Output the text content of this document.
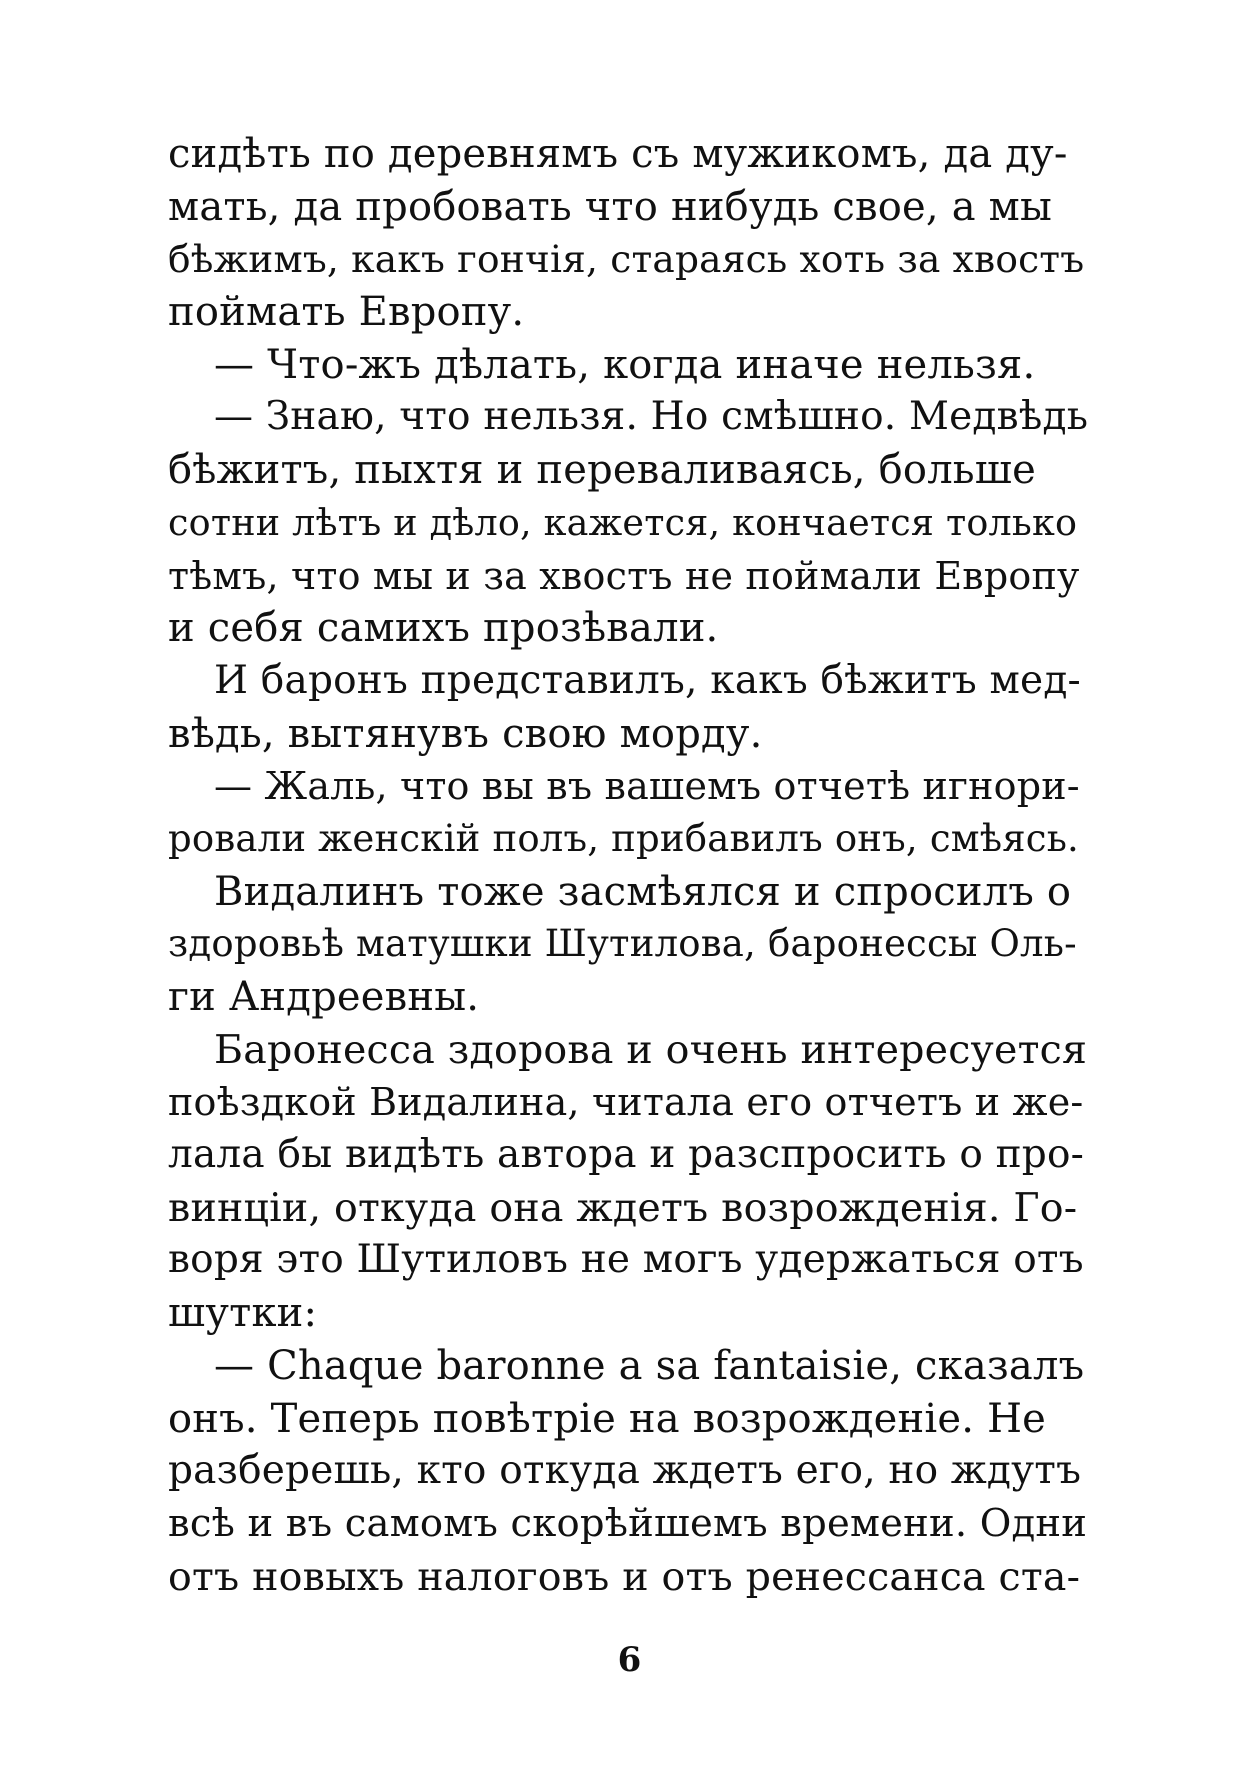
сидѣть по деревнямъ съ мужикомъ, да ду-
мать, да пробовать что нибудь свое, а мы
бѣжимъ, какъ гончія, стараясь хоть за хвостъ
поймать Европу.
— Что-жъ дѣлать, когда иначе нельзя.
— Знаю, что нельзя. Но смѣшно. Медвѣдь
бѣжитъ, пыхтя и переваливаясь, больше
сотни лѣтъ и дѣло, кажется, кончается только
тѣмъ, что мы и за хвостъ не поймали Европу
и себя самихъ прозѣвали.
И баронъ представилъ, какъ бѣжитъ мед-
вѣдь, вытянувъ свою морду.
— Жаль, что вы въ вашемъ отчетѣ игнори-
ровали женскій полъ, прибавилъ онъ, смѣясь.
Видалинъ тоже засмѣялся и спросилъ о
здоровьѣ матушки Шутилова, баронессы Оль-
ги Андреевны.
Баронесса здорова и очень интересуется
поѣздкой Видалина, читала его отчетъ и же-
лала бы видѣть автора и разспросить о про-
винціи, откуда она ждетъ возрожденія. Го-
воря это Шутиловъ не могъ удержаться отъ
шутки:
— Chaque baronne a sa fantaisie, сказалъ
онъ. Теперь повѣтріе на возрожденіе. Не
разберешь, кто откуда ждетъ его, но ждутъ
всѣ и въ самомъ скорѣйшемъ времени. Одни
отъ новыхъ налоговъ и отъ ренессанса ста-
6
